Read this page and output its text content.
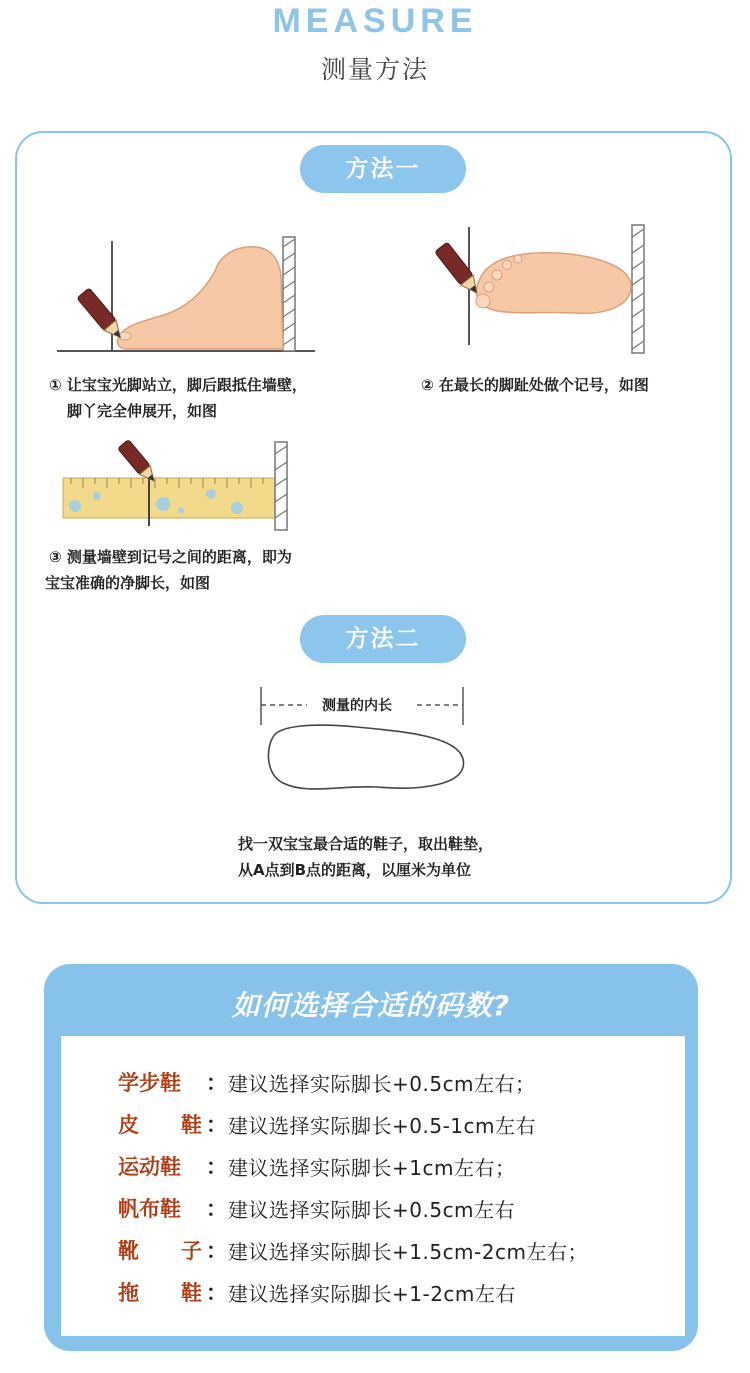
MEASURE
测量方法
方法一
① 让宝宝光脚站立，脚后跟抵住墙壁，
脚丫完全伸展开，如图
② 在最长的脚趾处做个记号，如图
③ 测量墙壁到记号之间的距离，即为
宝宝准确的净脚长，如图
方法二
测量的内长
找一双宝宝最合适的鞋子，取出鞋垫，
从A点到B点的距离，以厘米为单位
如何选择合适的码数?
学步鞋	： 建议选择实际脚长+0.5cm左右；
皮 鞋 ： 建议选择实际脚长+0.5-1cm左右
运动鞋	： 建议选择实际脚长+1cm左右；
帆布鞋	： 建议选择实际脚长+0.5cm左右
靴 子 ： 建议选择实际脚长+1.5cm-2cm左右；
拖 鞋 ： 建议选择实际脚长+1-2cm左右
